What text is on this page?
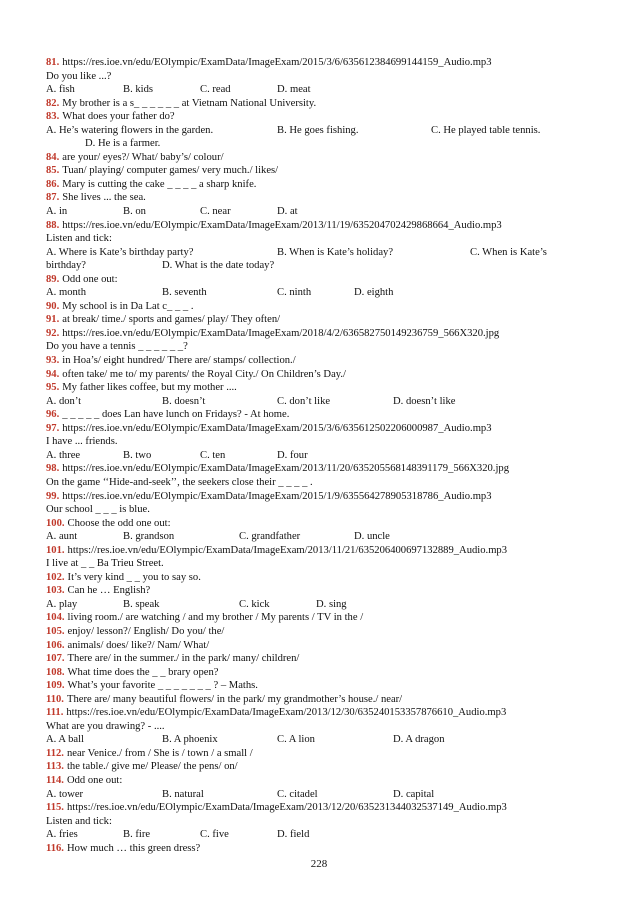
81. https://res.ioe.vn/edu/EOlympic/ExamData/ImageExam/2015/3/6/635612384699144159_Audio.mp3
Do you like ...?
A. fish	B. kids	C. read	D. meat
82. My brother is a s_ _ _ _ _ _ at Vietnam National University.
83. What does your father do?
A. He’s watering flowers in the garden.	B. He goes fishing.	C. He played table tennis.
D. He is a farmer.
84. are your/ eyes?/ What/ baby’s/ colour/
85. Tuan/ playing/ computer games/ very much./ likes/
86. Mary is cutting the cake _ _ _ _ a sharp knife.
87. She lives ... the sea.
A. in	B. on	C. near	D. at
88. https://res.ioe.vn/edu/EOlympic/ExamData/ImageExam/2013/11/19/635204702429868664_Audio.mp3
Listen and tick:
A. Where is Kate’s birthday party?	B. When is Kate’s holiday?	C. When is Kate’s
birthday?	D. What is the date today?
89. Odd one out:
A. month	B. seventh	C. ninth	D. eighth
90. My school is in Da Lat c_ _ _ .
91. at break/ time./ sports and games/ play/ They often/
92. https://res.ioe.vn/edu/EOlympic/ExamData/ImageExam/2018/4/2/636582750149236759_566X320.jpg
Do you have a tennis _ _ _ _ _ _?
93. in Hoa’s/ eight hundred/ There are/ stamps/ collection./
94. often take/ me to/ my parents/ the Royal City./ On Children’s Day./
95. My father likes coffee, but my mother ....
A. don’t	B. doesn’t	C. don’t like	D. doesn’t like
96. _ _ _ _ _ does Lan have lunch on Fridays? - At home.
97. https://res.ioe.vn/edu/EOlympic/ExamData/ImageExam/2015/3/6/635612502206000987_Audio.mp3
I have ... friends.
A. three	B. two	C. ten	D. four
98. https://res.ioe.vn/edu/EOlympic/ExamData/ImageExam/2013/11/20/635205568148391179_566X320.jpg
On the game ‘‘Hide-and-seek’’, the seekers close their _ _ _ _ .
99. https://res.ioe.vn/edu/EOlympic/ExamData/ImageExam/2015/1/9/635564278905318786_Audio.mp3
Our school _ _ _ is blue.
100. Choose the odd one out:
A. aunt	B. grandson	C. grandfather	D. uncle
101. https://res.ioe.vn/edu/EOlympic/ExamData/ImageExam/2013/11/21/635206400697132889_Audio.mp3
I live at _ _ Ba Trieu Street.
102. It’s very kind _ _ you to say so.
103. Can he … English?
A. play	B. speak	C. kick	D. sing
104. living room./ are watching / and my brother / My parents / TV in the /
105. enjoy/ lesson?/ English/ Do you/ the/
106. animals/ does/ like?/ Nam/ What/
107. There are/ in the summer./ in the park/ many/ children/
108. What time does the _ _ brary open?
109. What’s your favorite _ _ _ _ _ _ _ ? – Maths.
110. There are/ many beautiful flowers/ in the park/ my grandmother’s house./ near/
111. https://res.ioe.vn/edu/EOlympic/ExamData/ImageExam/2013/12/30/635240153357876610_Audio.mp3
What are you drawing? - ....
A. A ball	B. A phoenix	C. A lion	D. A dragon
112. near Venice./ from / She is / town / a small /
113. the table./ give me/ Please/ the pens/ on/
114. Odd one out:
A. tower	B. natural	C. citadel	D. capital
115. https://res.ioe.vn/edu/EOlympic/ExamData/ImageExam/2013/12/20/635231344032537149_Audio.mp3
Listen and tick:
A. fries	B. fire	C. five	D. field
116. How much … this green dress?
228
